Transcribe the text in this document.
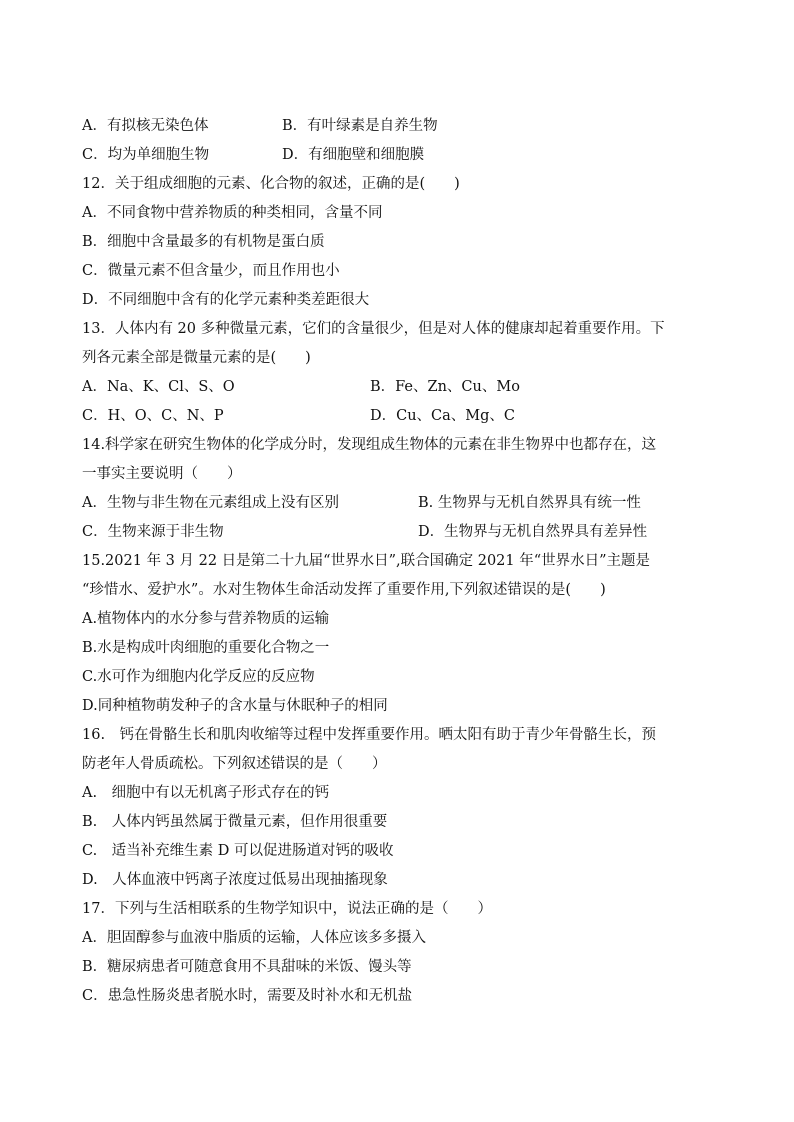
A．有拟核无染色体	B．有叶绿素是自养生物
C．均为单细胞生物	D．有细胞壁和细胞膜
12．关于组成细胞的元素、化合物的叙述，正确的是(　　)
A．不同食物中营养物质的种类相同，含量不同
B．细胞中含量最多的有机物是蛋白质
C．微量元素不但含量少，而且作用也小
D．不同细胞中含有的化学元素种类差距很大
13．人体内有 20 多种微量元素，它们的含量很少，但是对人体的健康却起着重要作用。下
列各元素全部是微量元素的是(　　)
A．Na、K、Cl、S、O	B．Fe、Zn、Cu、Mo
C．H、O、C、N、P	D．Cu、Ca、Mg、C
14.科学家在研究生物体的化学成分时，发现组成生物体的元素在非生物界中也都存在，这
一事实主要说明（　　）
A．生物与非生物在元素组成上没有区别	B. 生物界与无机自然界具有统一性
C．生物来源于非生物	D．生物界与无机自然界具有差异性
15.2021 年 3 月 22 日是第二十九届“世界水日”,联合国确定 2021 年“世界水日”主题是
“珍惜水、爱护水”。水对生物体生命活动发挥了重要作用,下列叙述错误的是(　　)
A.植物体内的水分参与营养物质的运输
B.水是构成叶肉细胞的重要化合物之一
C.水可作为细胞内化学反应的反应物
D.同种植物萌发种子的含水量与休眠种子的相同
16.　钙在骨骼生长和肌肉收缩等过程中发挥重要作用。晒太阳有助于青少年骨骼生长，预
防老年人骨质疏松。下列叙述错误的是（　　）
A.　细胞中有以无机离子形式存在的钙
B.　人体内钙虽然属于微量元素，但作用很重要
C.　适当补充维生素 D 可以促进肠道对钙的吸收
D.　人体血液中钙离子浓度过低易出现抽搐现象
17．下列与生活相联系的生物学知识中，说法正确的是（　　）
A．胆固醇参与血液中脂质的运输，人体应该多多摄入
B．糖尿病患者可随意食用不具甜味的米饭、馒头等
C．患急性肠炎患者脱水时，需要及时补水和无机盐
